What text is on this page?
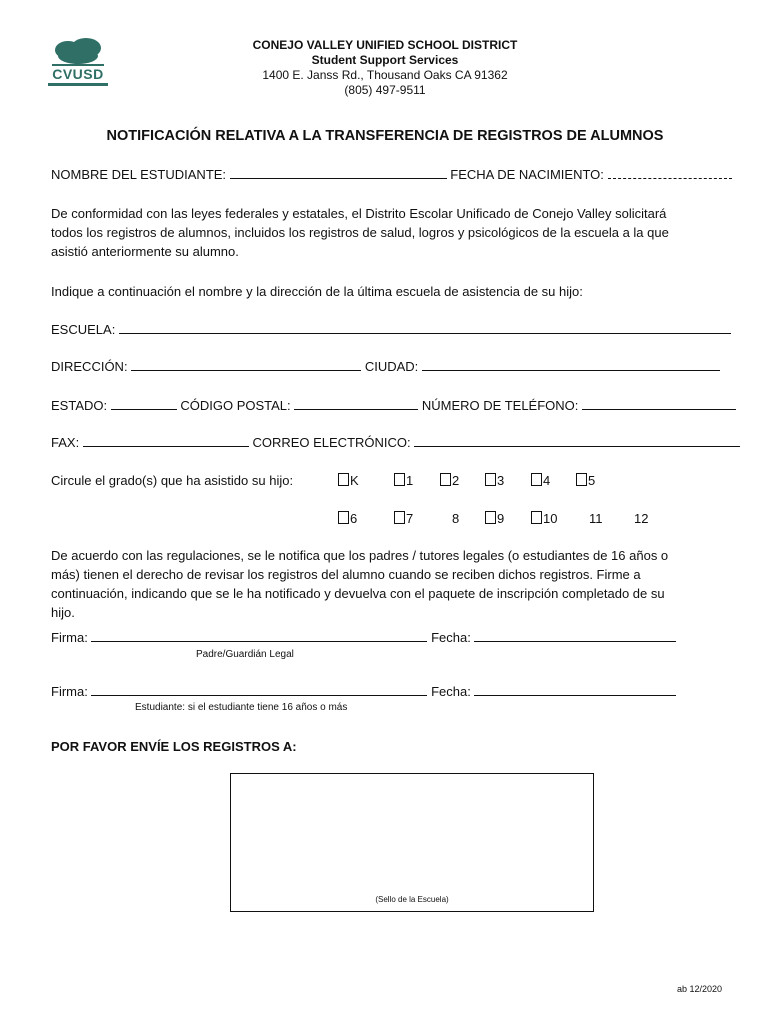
CVUSD
CONEJO VALLEY UNIFIED SCHOOL DISTRICT
Student Support Services
1400 E. Janss Rd., Thousand Oaks CA 91362
(805) 497-9511
NOTIFICACIÓN RELATIVA A LA TRANSFERENCIA DE REGISTROS DE ALUMNOS
NOMBRE DEL ESTUDIANTE:	FECHA DE NACIMIENTO:
De conformidad con las leyes federales y estatales, el Distrito Escolar Unificado de Conejo Valley solicitará
todos los registros de alumnos, incluidos los registros de salud, logros y psicológicos de la escuela a la que
asistió anteriormente su alumno.
Indique a continuación el nombre y la dirección de la última escuela de asistencia de su hijo:
ESCUELA:
DIRECCIÓN:	CIUDAD:
ESTADO:	CÓDIGO POSTAL:	NÚMERO DE TELÉFONO:
FAX:	CORREO ELECTRÓNICO:
Circule el grado(s) que ha asistido su hijo:	K	1	2	3	4	5
6	7	8	9	10 11 12
De acuerdo con las regulaciones, se le notifica que los padres / tutores legales (o estudiantes de 16 años o
más) tienen el derecho de revisar los registros del alumno cuando se reciben dichos registros. Firme a
continuación, indicando que se le ha notificado y devuelva con el paquete de inscripción completado de su
hijo.
Firma:	Fecha:
Padre/Guardián Legal
Firma:	Fecha:
Estudiante: si el estudiante tiene 16 años o más
POR FAVOR ENVÍE LOS REGISTROS A:
(Sello de la Escuela)
ab 12/2020
